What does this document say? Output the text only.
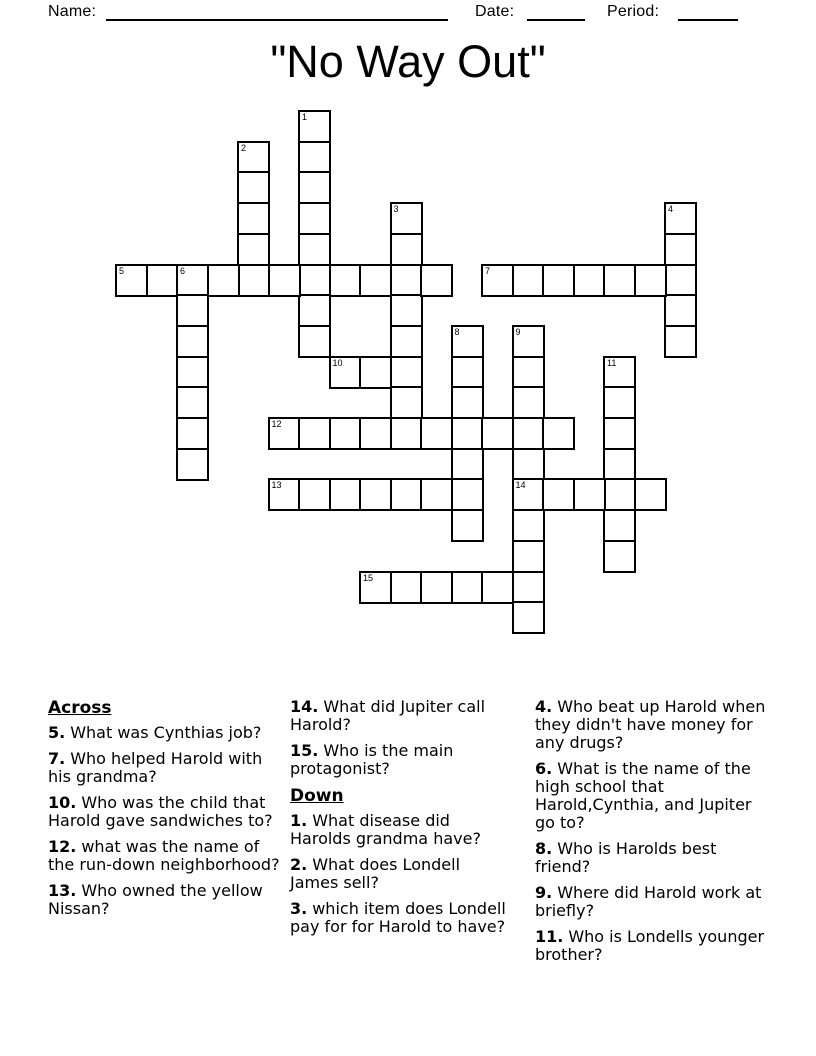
Name:	Date:	Period:
"No Way Out"
1
2
3	4
5	6	7
8	9
14
10	11
12
13
15
Across
5. What was Cynthias job?
7. Who helped Harold with his grandma?
10. Who was the child that Harold gave sandwiches to?
12. what was the name of the run-down neighborhood?
13. Who owned the yellow Nissan?
14. What did Jupiter call Harold?
15. Who is the main protagonist?
Down
1. What disease did Harolds grandma have?
2. What does Londell James sell?
3. which item does Londell pay for for Harold to have?
4. Who beat up Harold when they didn't have money for any drugs?
6. What is the name of the high school that Harold,Cynthia, and Jupiter go to?
8. Who is Harolds best friend?
9. Where did Harold work at briefly?
11. Who is Londells younger brother?
